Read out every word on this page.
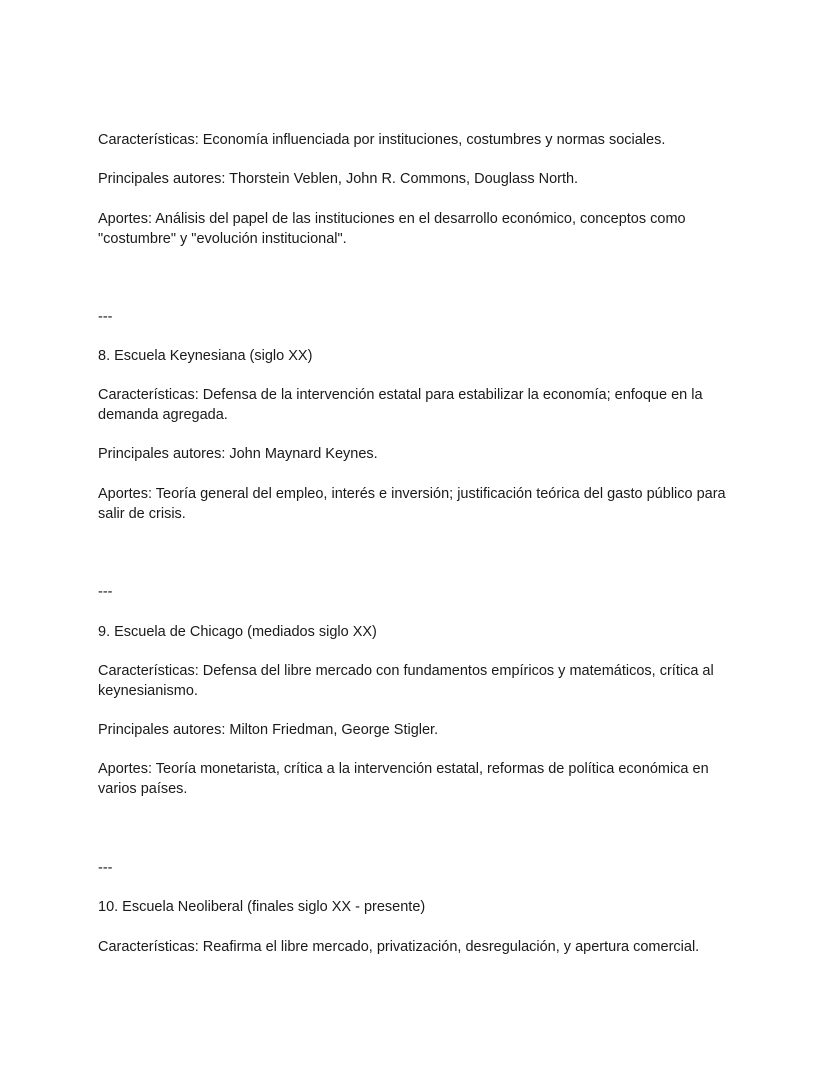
Características: Economía influenciada por instituciones, costumbres y normas sociales.

Principales autores: Thorstein Veblen, John R. Commons, Douglass North.

Aportes: Análisis del papel de las instituciones en el desarrollo económico, conceptos como "costumbre" y "evolución institucional".

---

8. Escuela Keynesiana (siglo XX)

Características: Defensa de la intervención estatal para estabilizar la economía; enfoque en la demanda agregada.

Principales autores: John Maynard Keynes.

Aportes: Teoría general del empleo, interés e inversión; justificación teórica del gasto público para salir de crisis.

---

9. Escuela de Chicago (mediados siglo XX)

Características: Defensa del libre mercado con fundamentos empíricos y matemáticos, crítica al keynesianismo.

Principales autores: Milton Friedman, George Stigler.

Aportes: Teoría monetarista, crítica a la intervención estatal, reformas de política económica en varios países.

---

10. Escuela Neoliberal (finales siglo XX - presente)

Características: Reafirma el libre mercado, privatización, desregulación, y apertura comercial.
